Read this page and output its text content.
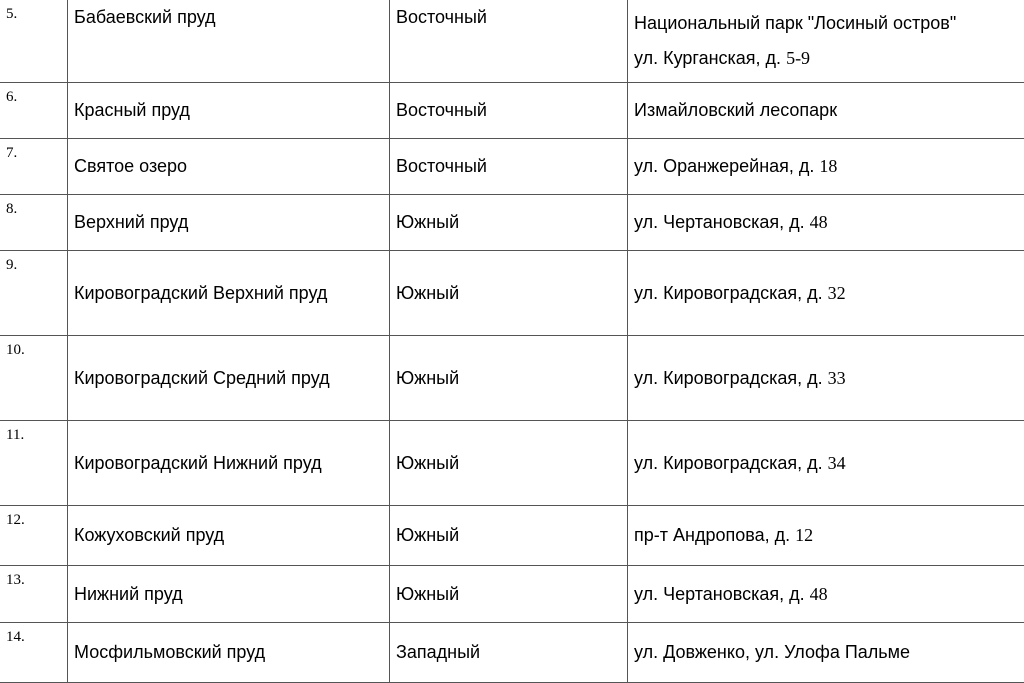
5.	Бабаевский пруд	Восточный	Национальный парк "Лосиный остров"
ул. Курганская, д. 5-9

6.	Красный пруд	Восточный	Измайловский лесопарк
7.	Святое озеро	Восточный	ул. Оранжерейная, д. 18
8.	Верхний пруд	Южный	ул. Чертановская, д. 48
9.	Кировоградский Верхний пруд	Южный	ул. Кировоградская, д. 32
10.	Кировоградский Средний пруд	Южный	ул. Кировоградская, д. 33
11.	Кировоградский Нижний пруд	Южный	ул. Кировоградская, д. 34
12.	Кожуховский пруд	Южный	пр-т Андропова, д. 12
13.	Нижний пруд	Южный	ул. Чертановская, д. 48
14.	Мосфильмовский пруд	Западный	ул. Довженко, ул. Улофа Пальме
